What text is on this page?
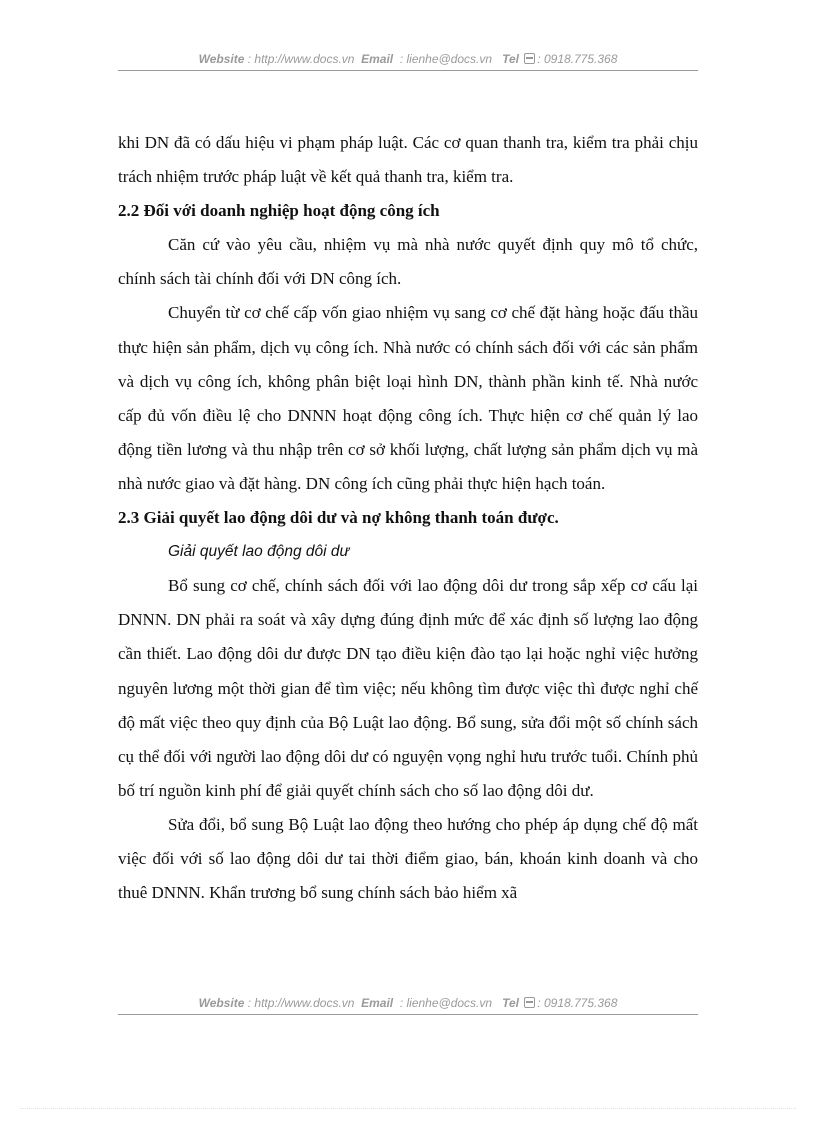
Website : http://www.docs.vn Email : lienhe@docs.vn Tel : 0918.775.368

khi DN đã có dấu hiệu vi phạm pháp luật. Các cơ quan thanh tra, kiểm tra phải chịu trách nhiệm trước pháp luật về kết quả thanh tra, kiểm tra.

2.2 Đối với doanh nghiệp hoạt động công ích

Căn cứ vào yêu cầu, nhiệm vụ mà nhà nước quyết định quy mô tổ chức, chính sách tài chính đối với DN công ích.

Chuyển từ cơ chế cấp vốn giao nhiệm vụ sang cơ chế đặt hàng hoặc đấu thầu thực hiện sản phẩm, dịch vụ công ích. Nhà nước có chính sách đối với các sản phẩm và dịch vụ công ích, không phân biệt loại hình DN, thành phần kinh tế. Nhà nước cấp đủ vốn điều lệ cho DNNN hoạt động công ích. Thực hiện cơ chế quản lý lao động tiền lương và thu nhập trên cơ sở khối lượng, chất lượng sản phẩm dịch vụ mà nhà nước giao và đặt hàng. DN công ích cũng phải thực hiện hạch toán.

2.3 Giải quyết lao động dôi dư và nợ không thanh toán được.

Giải quyết lao động dôi dư

Bổ sung cơ chế, chính sách đối với lao động dôi dư trong sắp xếp cơ cấu lại DNNN. DN phải ra soát và xây dựng đúng định mức để xác định số lượng lao động cần thiết. Lao động dôi dư được DN tạo điều kiện đào tạo lại hoặc nghỉ việc hưởng nguyên lương một thời gian để tìm việc; nếu không tìm được việc thì được nghỉ chế độ mất việc theo quy định của Bộ Luật lao động. Bổ sung, sửa đổi một số chính sách cụ thể đối với người lao động dôi dư có nguyện vọng nghỉ hưu trước tuổi. Chính phủ bố trí nguồn kinh phí để giải quyết chính sách cho số lao động dôi dư.

Sửa đổi, bổ sung Bộ Luật lao động theo hướng cho phép áp dụng chế độ mất việc đối với số lao động dôi dư tai thời điểm giao, bán, khoán kinh doanh và cho thuê DNNN. Khẩn trương bổ sung chính sách bảo hiểm xã

Website : http://www.docs.vn Email : lienhe@docs.vn Tel : 0918.775.368
